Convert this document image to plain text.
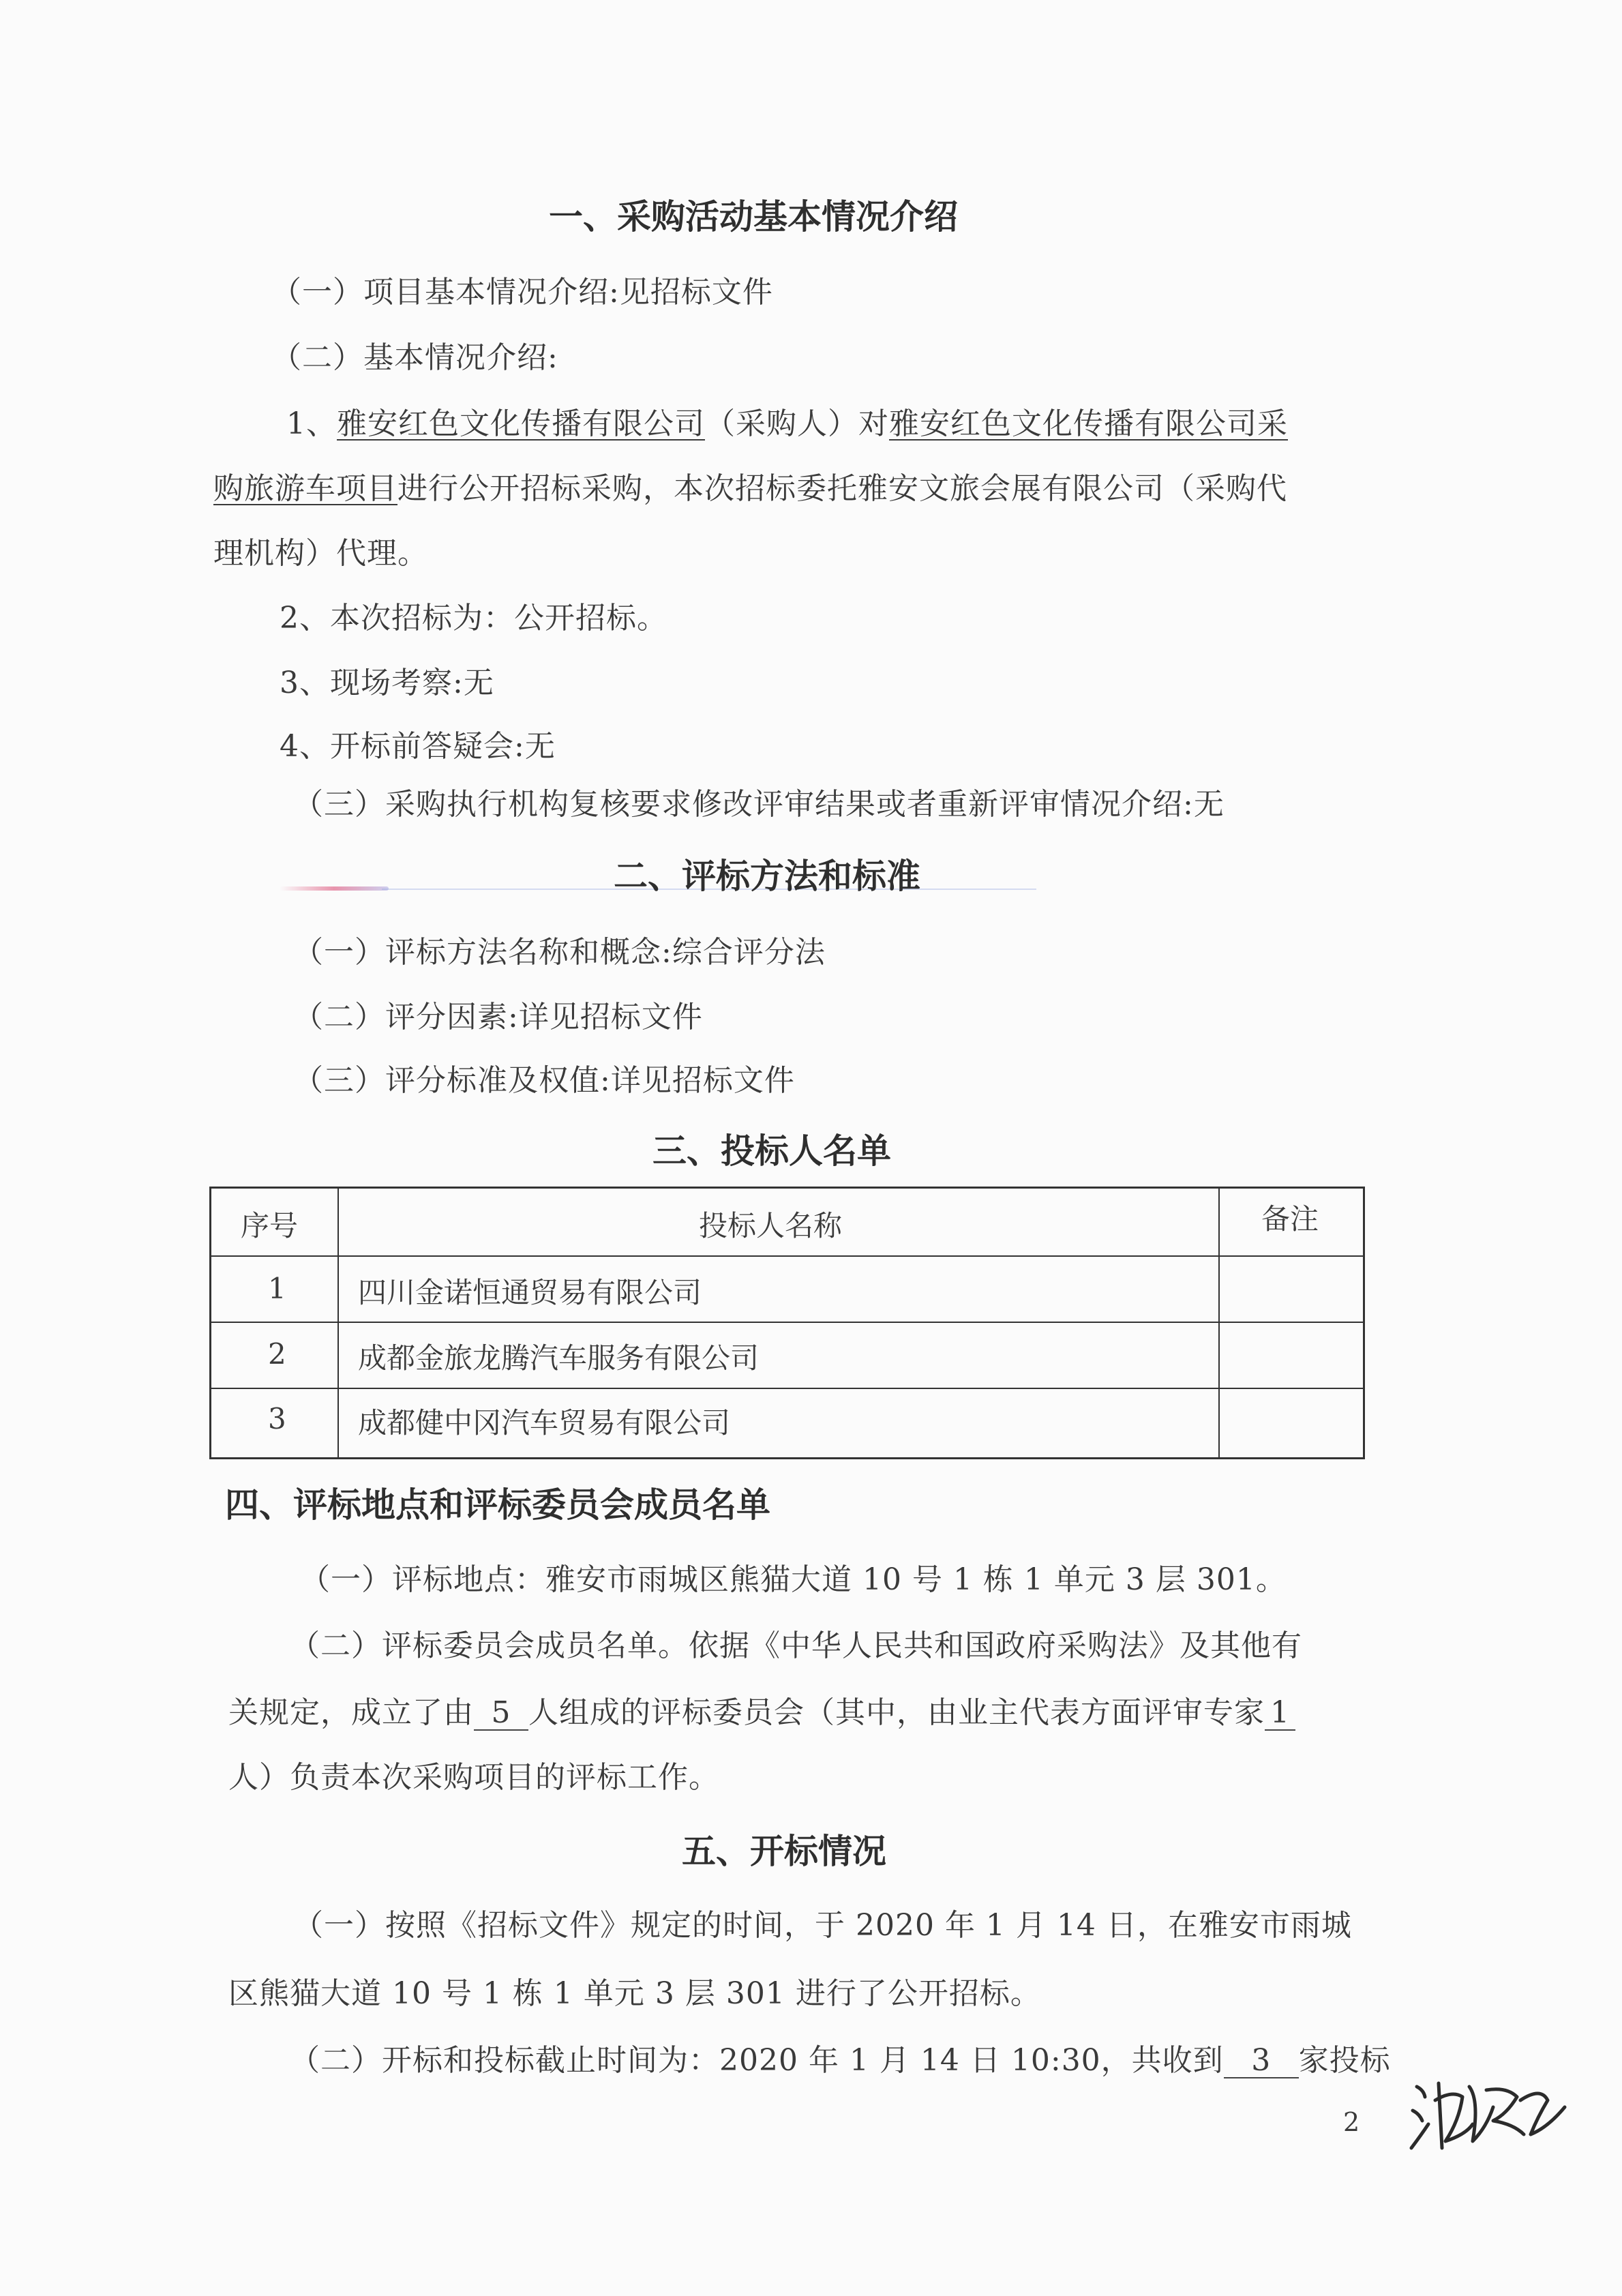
一、采购活动基本情况介绍
（一）项目基本情况介绍:见招标文件
（二）基本情况介绍:
1、雅安红色文化传播有限公司（采购人）对雅安红色文化传播有限公司采
购旅游车项目进行公开招标采购，本次招标委托雅安文旅会展有限公司（采购代
理机构）代理。
2、本次招标为：公开招标。
3、现场考察:无
4、开标前答疑会:无
（三）采购执行机构复核要求修改评审结果或者重新评审情况介绍:无
二、评标方法和标准
（一）评标方法名称和概念:综合评分法
（二）评分因素:详见招标文件
（三）评分标准及权值:详见招标文件
三、投标人名单
序号	投标人名称	备注
1	四川金诺恒通贸易有限公司
2	成都金旅龙腾汽车服务有限公司
3	成都健中冈汽车贸易有限公司
四、评标地点和评标委员会成员名单
（一）评标地点：雅安市雨城区熊猫大道 10 号 1 栋 1 单元 3 层 301。
（二）评标委员会成员名单。依据《中华人民共和国政府采购法》及其他有
关规定，成立了由 5 人组成的评标委员会（其中，由业主代表方面评审专家 1
人）负责本次采购项目的评标工作。
五、开标情况
（一）按照《招标文件》规定的时间，于 2020 年 1 月 14 日，在雅安市雨城
区熊猫大道 10 号 1 栋 1 单元 3 层 301 进行了公开招标。
（二）开标和投标截止时间为：2020 年 1 月 14 日 10:30，共收到 3 家投标
2
